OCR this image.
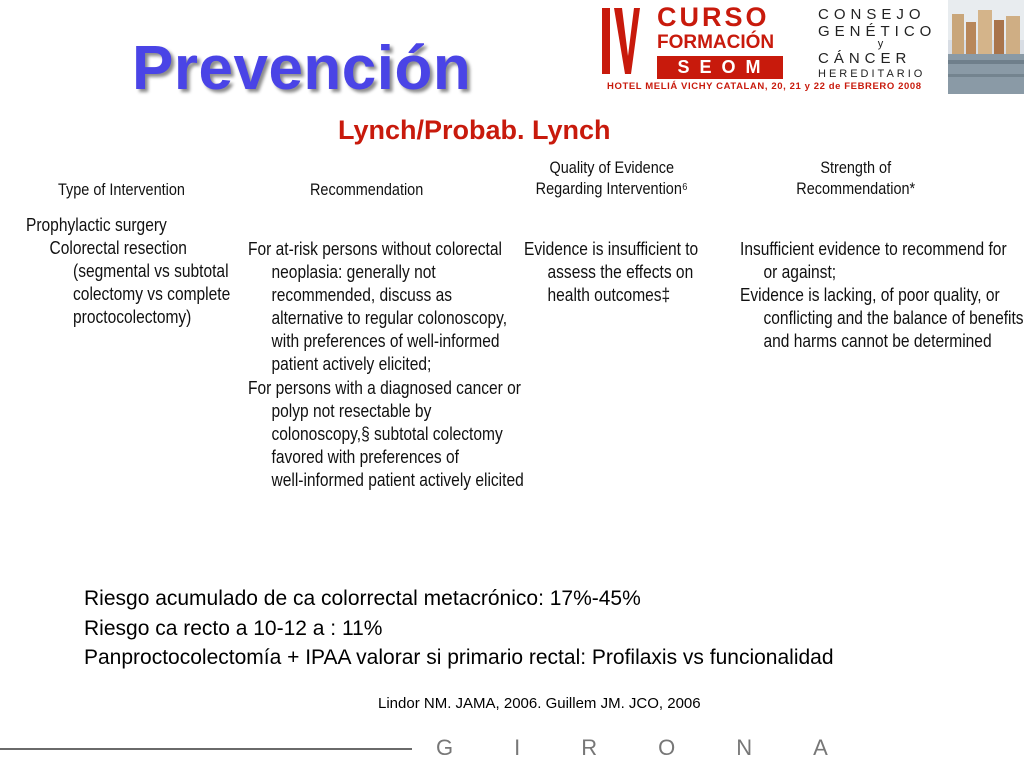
CURSO
FORMACIÓN
SEOM
CONSEJO
GENÉTICO
y
CÁNCER
HEREDITARIO
HOTEL MELIÁ VICHY CATALAN, 20, 21 y 22 de FEBRERO 2008
Prevención
Lynch/Probab. Lynch
Type of Intervention	Recommendation
Quality of Evidence Regarding Intervention⁶
Strength of Recommendation*
Prophylactic surgery
Colorectal resection
(segmental vs subtotal
colectomy vs complete
proctocolectomy)
For at-risk persons without colorectal
neoplasia: generally not
recommended, discuss as
alternative to regular colonoscopy,
with preferences of well-informed
patient actively elicited;
For persons with a diagnosed cancer or
polyp not resectable by
colonoscopy,§ subtotal colectomy
favored with preferences of
well-informed patient actively elicited
Evidence is insufficient to
assess the effects on
health outcomes‡
Insufficient evidence to recommend for
or against;
Evidence is lacking, of poor quality, or
conflicting and the balance of benefits
and harms cannot be determined

Riesgo acumulado de ca colorrectal metacrónico: 17%-45%

Riesgo ca recto a 10-12 a : 11%

Panproctocolectomía + IPAA valorar si primario rectal: Profilaxis vs funcionalidad

Lindor NM. JAMA, 2006. Guillem JM. JCO, 2006
GIRONA
